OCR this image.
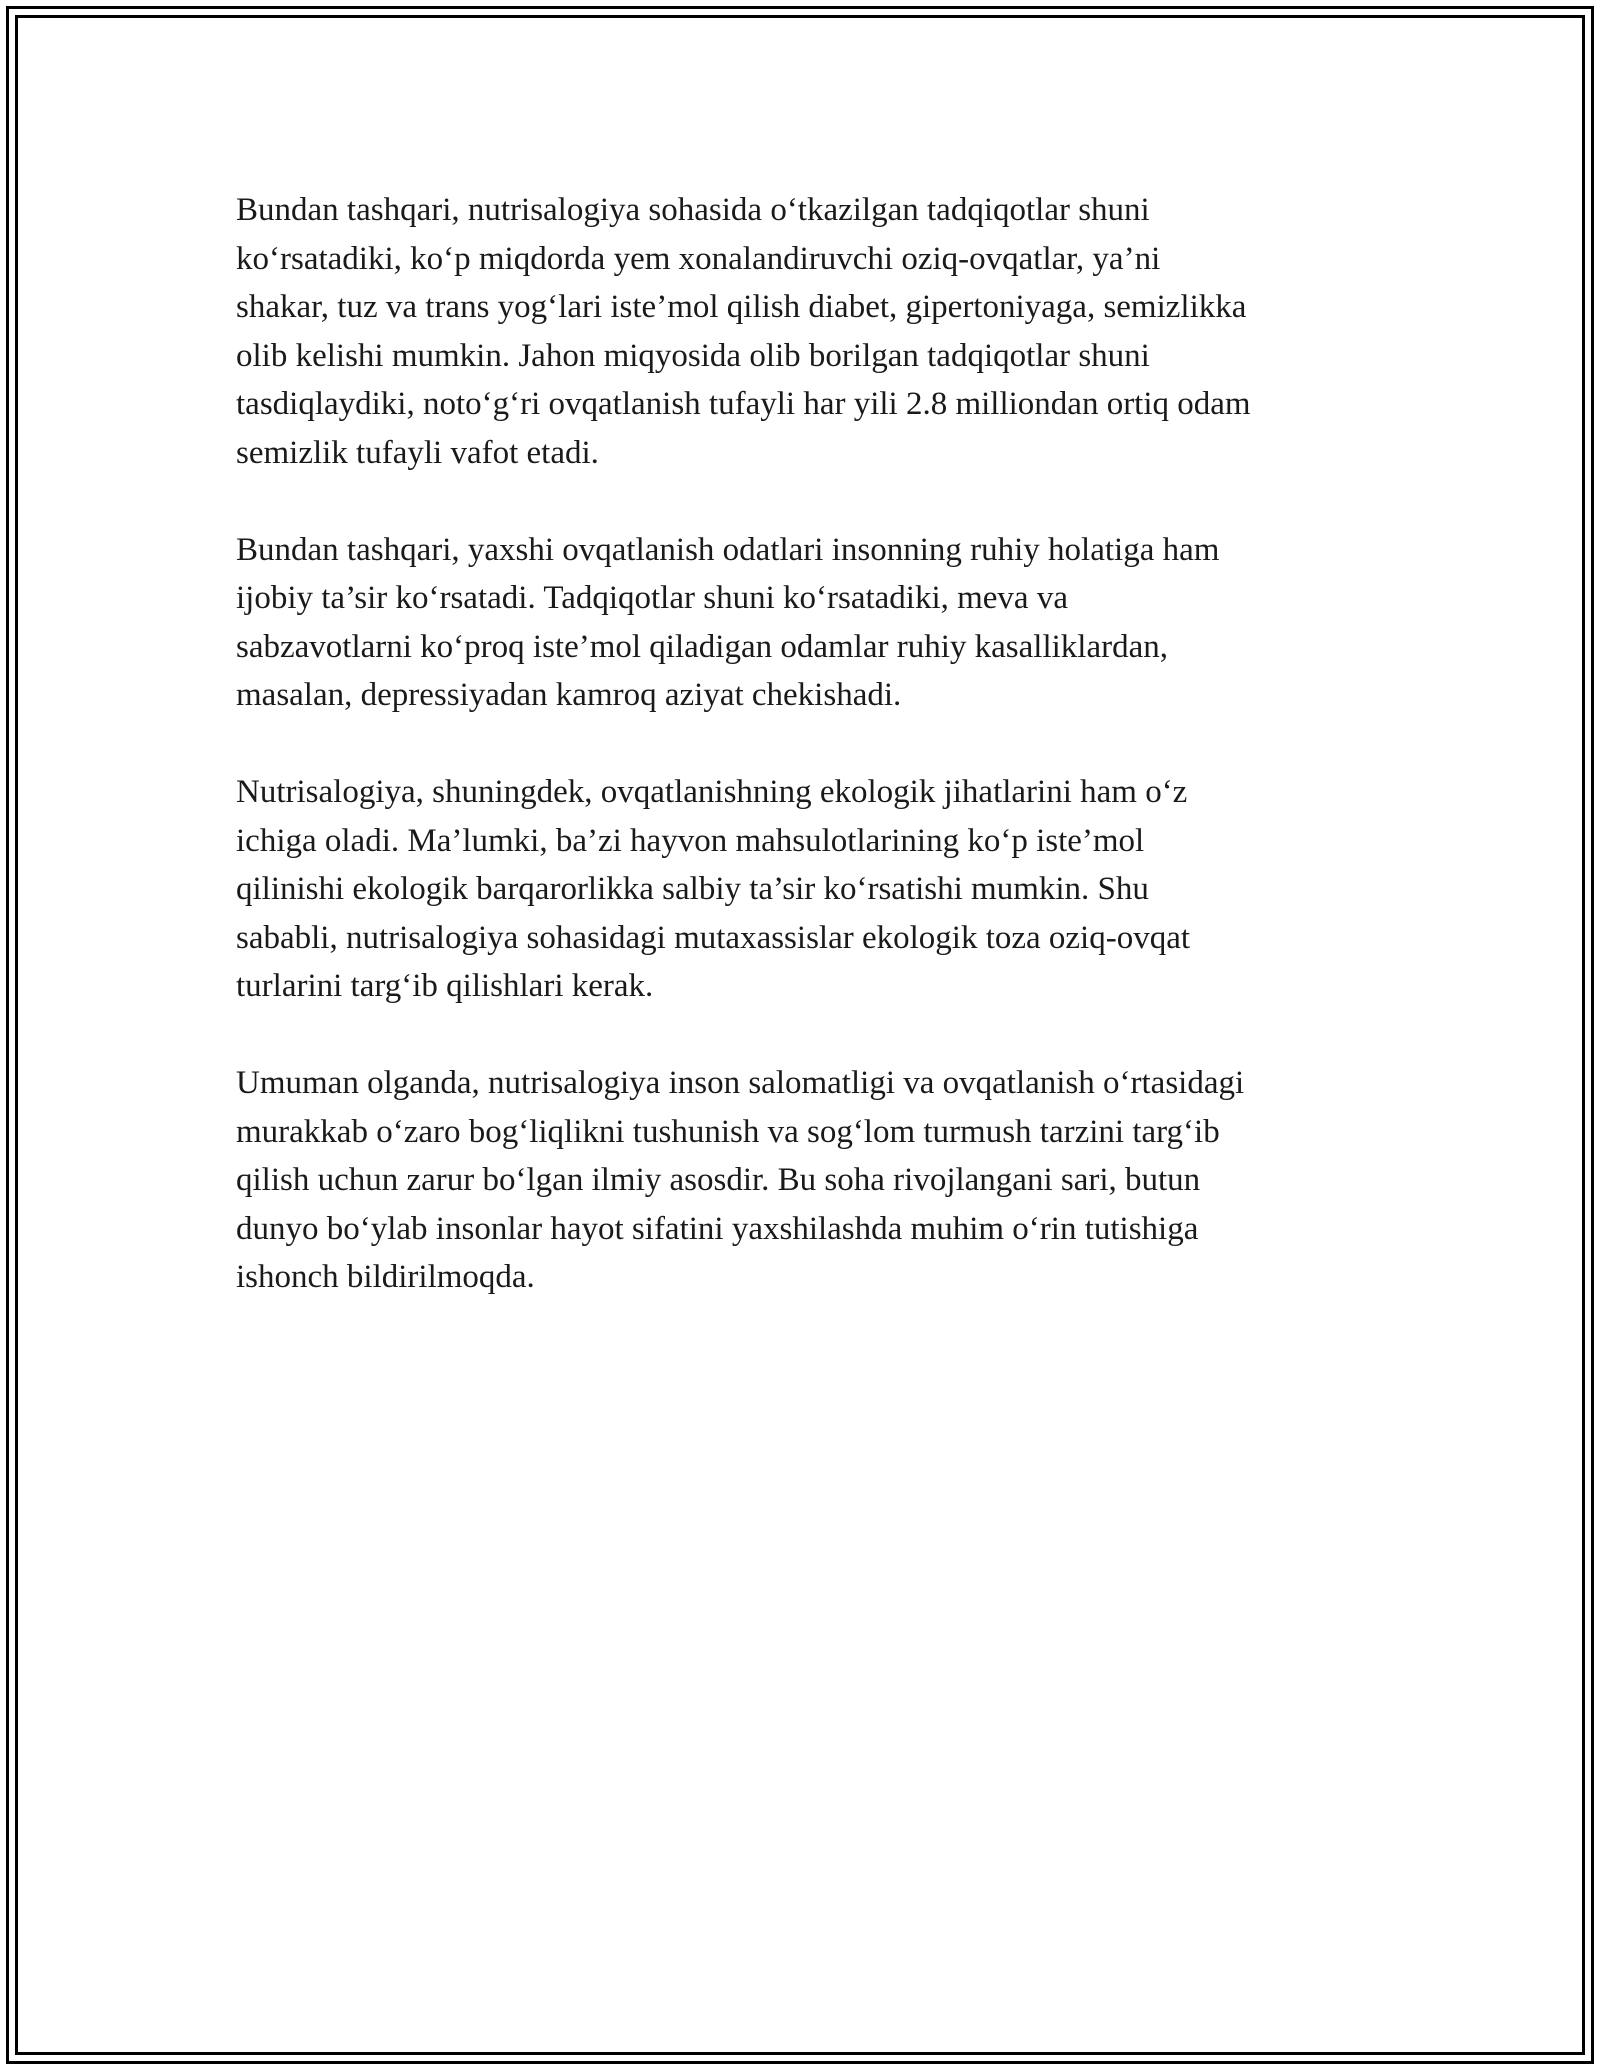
Bundan tashqari, nutrisalogiya sohasida o‘tkazilgan tadqiqotlar shuni
ko‘rsatadiki, ko‘p miqdorda yem xonalandiruvchi oziq-ovqatlar, ya’ni
shakar, tuz va trans yog‘lari iste’mol qilish diabet, gipertoniyaga, semizlikka
olib kelishi mumkin. Jahon miqyosida olib borilgan tadqiqotlar shuni
tasdiqlaydiki, noto‘g‘ri ovqatlanish tufayli har yili 2.8 milliondan ortiq odam
semizlik tufayli vafot etadi.

Bundan tashqari, yaxshi ovqatlanish odatlari insonning ruhiy holatiga ham
ijobiy ta’sir ko‘rsatadi. Tadqiqotlar shuni ko‘rsatadiki, meva va
sabzavotlarni ko‘proq iste’mol qiladigan odamlar ruhiy kasalliklardan,
masalan, depressiyadan kamroq aziyat chekishadi.

Nutrisalogiya, shuningdek, ovqatlanishning ekologik jihatlarini ham o‘z
ichiga oladi. Ma’lumki, ba’zi hayvon mahsulotlarining ko‘p iste’mol
qilinishi ekologik barqarorlikka salbiy ta’sir ko‘rsatishi mumkin. Shu
sababli, nutrisalogiya sohasidagi mutaxassislar ekologik toza oziq-ovqat
turlarini targ‘ib qilishlari kerak.

Umuman olganda, nutrisalogiya inson salomatligi va ovqatlanish o‘rtasidagi
murakkab o‘zaro bog‘liqlikni tushunish va sog‘lom turmush tarzini targ‘ib
qilish uchun zarur bo‘lgan ilmiy asosdir. Bu soha rivojlangani sari, butun
dunyo bo‘ylab insonlar hayot sifatini yaxshilashda muhim o‘rin tutishiga
ishonch bildirilmoqda.
